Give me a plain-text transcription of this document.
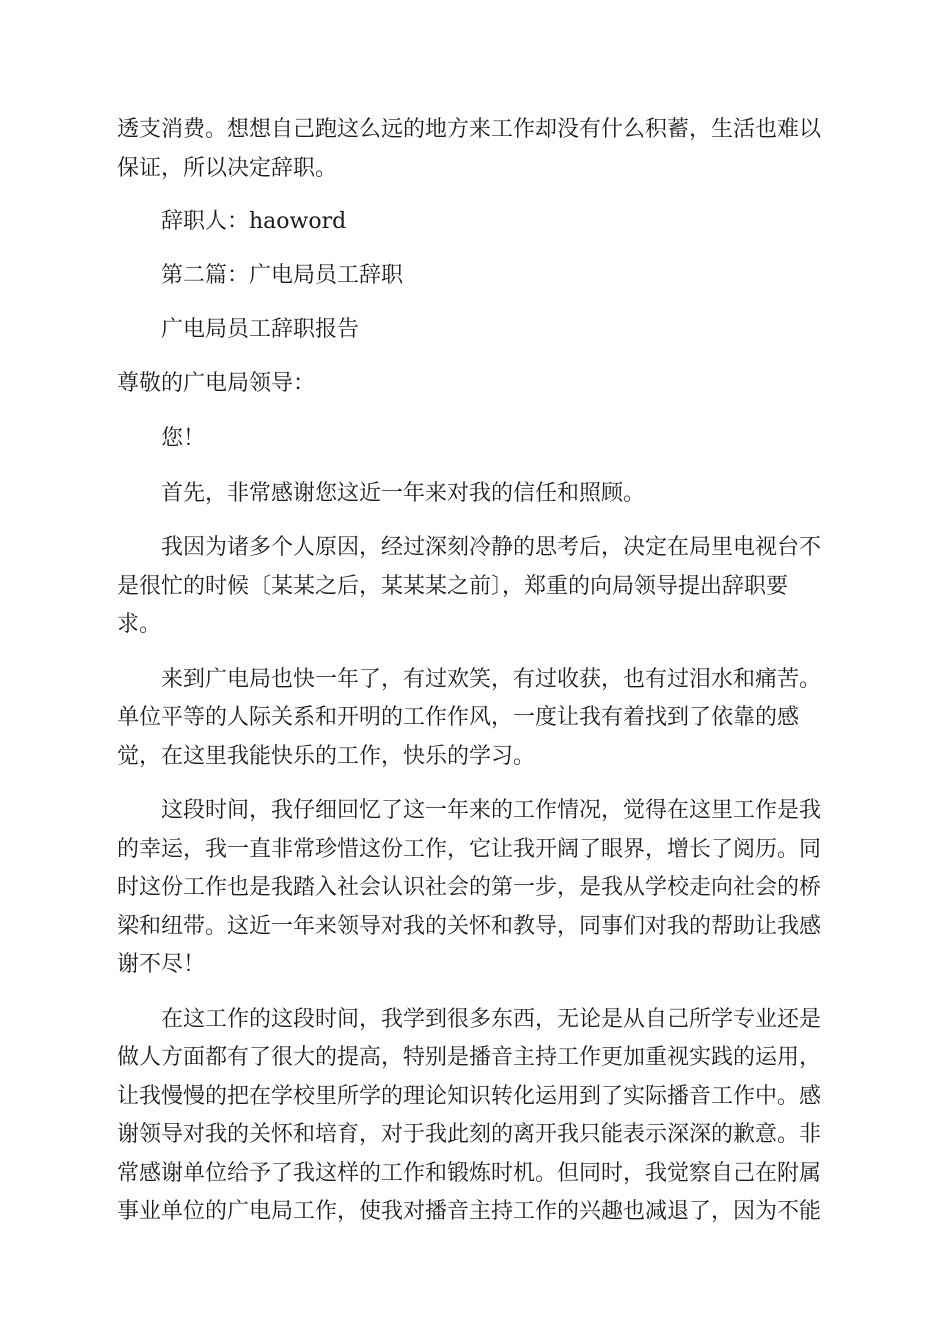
透支消费。想想自己跑这么远的地方来工作却没有什么积蓄，生活也难以
保证，所以决定辞职。
辞职人：haoword
第二篇：广电局员工辞职
广电局员工辞职报告
尊敬的广电局领导：
您！
首先，非常感谢您这近一年来对我的信任和照顾。
我因为诸多个人原因，经过深刻冷静的思考后，决定在局里电视台不
是很忙的时候〔某某之后，某某某之前〕，郑重的向局领导提出辞职要
求。
来到广电局也快一年了，有过欢笑，有过收获，也有过泪水和痛苦。
单位平等的人际关系和开明的工作作风，一度让我有着找到了依靠的感
觉，在这里我能快乐的工作，快乐的学习。
这段时间，我仔细回忆了这一年来的工作情况，觉得在这里工作是我
的幸运，我一直非常珍惜这份工作，它让我开阔了眼界，增长了阅历。同
时这份工作也是我踏入社会认识社会的第一步，是我从学校走向社会的桥
梁和纽带。这近一年来领导对我的关怀和教导，同事们对我的帮助让我感
谢不尽！
在这工作的这段时间，我学到很多东西，无论是从自己所学专业还是
做人方面都有了很大的提高，特别是播音主持工作更加重视实践的运用，
让我慢慢的把在学校里所学的理论知识转化运用到了实际播音工作中。感
谢领导对我的关怀和培育，对于我此刻的离开我只能表示深深的歉意。非
常感谢单位给予了我这样的工作和锻炼时机。但同时，我觉察自己在附属
事业单位的广电局工作，使我对播音主持工作的兴趣也减退了，因为不能
